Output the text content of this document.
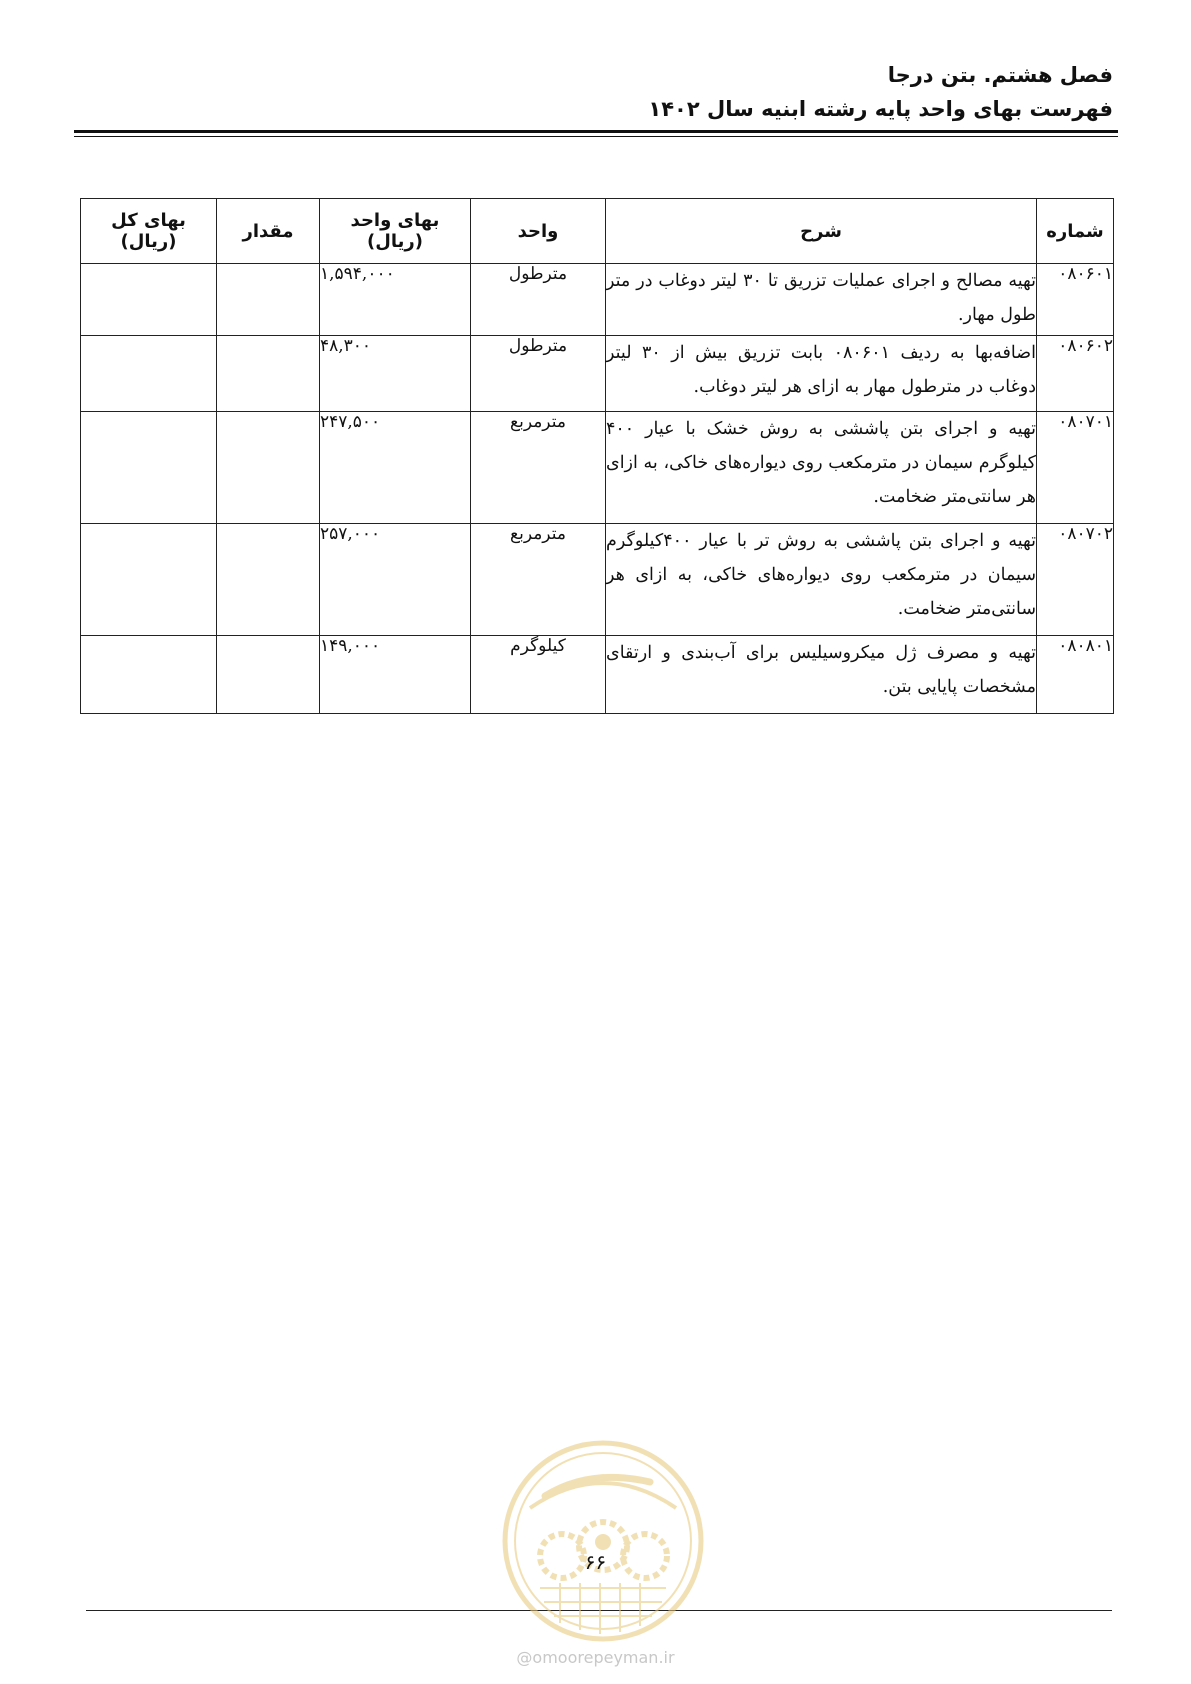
فصل هشتم. بتن درجا
فهرست بهای واحد پایه رشته ابنیه سال ۱۴۰۲
شماره	شرح	واحد	بهای واحد (ریال)	مقدار	بهای کل (ریال)
۰۸۰۶۰۱	تهیه مصالح و اجرای عملیات تزریق تا ۳۰ لیتر دوغاب در متر طول مهار.	مترطول	۱,۵۹۴,۰۰۰		
۰۸۰۶۰۲	اضافه‌بها به ردیف ۰۸۰۶۰۱ بابت تزریق بیش از ۳۰ لیتر دوغاب در مترطول مهار به ازای هر لیتر دوغاب.	مترطول	۴۸,۳۰۰		
۰۸۰۷۰۱	تهیه و اجرای بتن پاششی به روش خشک با عیار ۴۰۰ کیلوگرم سیمان در مترمکعب روی دیواره‌های خاکی، به ازای هر سانتی‌متر ضخامت.	مترمربع	۲۴۷,۵۰۰		
۰۸۰۷۰۲	تهیه و اجرای بتن پاششی به روش تر با عیار ۴۰۰کیلوگرم سیمان در مترمکعب روی دیواره‌های خاکی، به ازای هر سانتی‌متر ضخامت.	مترمربع	۲۵۷,۰۰۰		
۰۸۰۸۰۱	تهیه و مصرف ژل میکروسیلیس برای آب‌بندی و ارتقای مشخصات پایایی بتن.	کیلوگرم	۱۴۹,۰۰۰		
۶۶
@omoorepeyman.ir
